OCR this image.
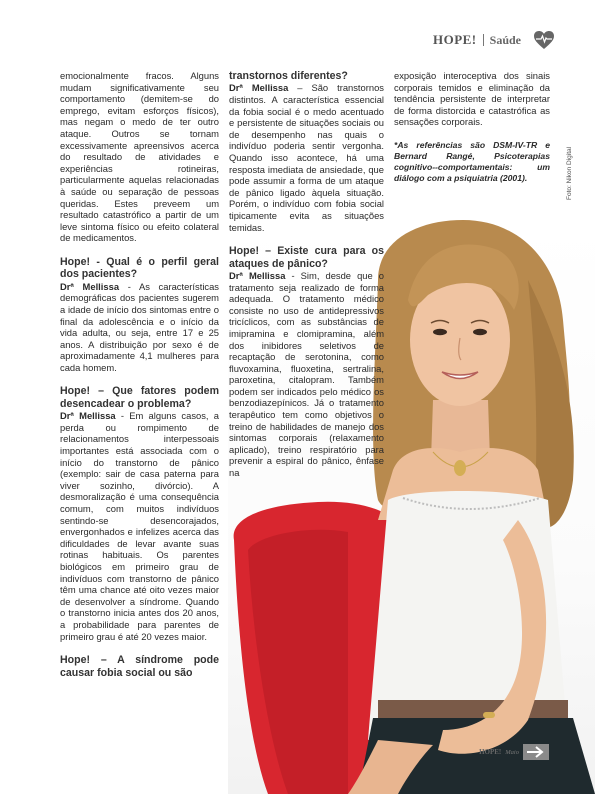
HOPE! Saúde

emocionalmente fracos. Alguns mudam significativamente seu comportamento (demitem-se do emprego, evitam esforços físicos), mas negam o medo de ter outro ataque. Outros se tornam excessivamente apreensivos acerca do resultado de atividades e experiências rotineiras, particularmente aquelas relacionadas à saúde ou separação de pessoas queridas. Estes preveem um resultado catastrófico a partir de um leve sintoma físico ou efeito colateral de medicamentos.

Hope! - Qual é o perfil geral dos pacientes?

Drª Mellissa - As características demográficas dos pacientes sugerem a idade de início dos sintomas entre o final da adolescência e o início da vida adulta, ou seja, entre 17 e 25 anos. A distribuição por sexo é de aproximadamente 4,1 mulheres para cada homem.

Hope! – Que fatores podem desencadear o problema?

Drª Mellissa - Em alguns casos, a perda ou rompimento de relacionamentos interpessoais importantes está associada com o início do transtorno de pânico (exemplo: sair de casa paterna para viver sozinho, divórcio). A desmoralização é uma consequência comum, com muitos indivíduos sentindo-se desencorajados, envergonhados e infelizes acerca das dificuldades de levar avante suas rotinas habituais. Os parentes biológicos em primeiro grau de indivíduos com transtorno de pânico têm uma chance até oito vezes maior de desenvolver a síndrome. Quando o transtorno inicia antes dos 20 anos, a probabilidade para parentes de primeiro grau é até 20 vezes maior.

Hope! – A síndrome pode causar fobia social ou são

transtornos diferentes?

Drª Mellissa – São transtornos distintos. A característica essencial da fobia social é o medo acentuado e persistente de situações sociais ou de desempenho nas quais o indivíduo poderia sentir vergonha. Quando isso acontece, há uma resposta imediata de ansiedade, que pode assumir a forma de um ataque de pânico ligado àquela situação. Porém, o indivíduo com fobia social tipicamente evita as situações temidas.

Hope! – Existe cura para os ataques de pânico?

Drª Mellissa - Sim, desde que o tratamento seja realizado de forma adequada. O tratamento médico consiste no uso de antidepressivos tricíclicos, com as substâncias de imipramina e clomipramina, além dos inibidores seletivos de recaptação de serotonina, como fluvoxamina, fluoxetina, sertralina, paroxetina, citalopram. Também podem ser indicados pelo médico os benzodiazepínicos. Já o tratamento terapêutico tem como objetivos o treino de habilidades de manejo dos sintomas corporais (relaxamento aplicado), treino respiratório para prevenir a espiral do pânico, ênfase na

exposição interoceptiva dos sinais corporais temidos e eliminação da tendência persistente de interpretar de forma distorcida e catastrófica as sensações corporais.

*As referências são DSM-IV-TR e Bernard Rangé, Psicoterapias cognitivo--comportamentais: um diálogo com a psiquiatria (2001).	Foto: Nikon Digital
HOPE! Maio
